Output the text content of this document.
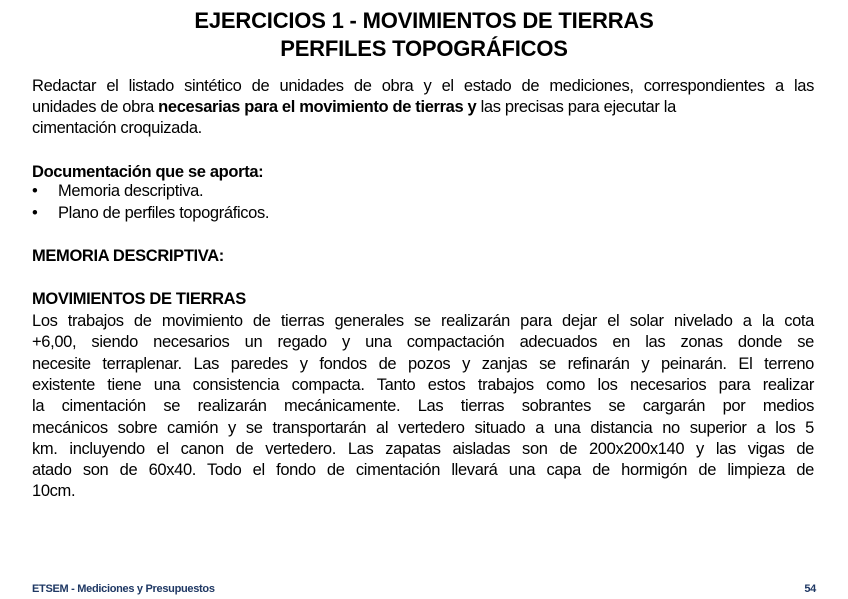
EJERCICIOS 1 - MOVIMIENTOS DE TIERRAS
PERFILES TOPOGRÁFICOS
Redactar el listado sintético de unidades de obra y el estado de mediciones, correspondientes a las
unidades de obra necesarias para el movimiento de tierras y las precisas para ejecutar la
cimentación croquizada.
Documentación que se aporta:
• Memoria descriptiva.
• Plano de perfiles topográficos.
MEMORIA DESCRIPTIVA:
MOVIMIENTOS DE TIERRAS
Los trabajos de movimiento de tierras generales se realizarán para dejar el solar nivelado a la cota
+6,00, siendo necesarios un regado y una compactación adecuados en las zonas donde se
necesite terraplenar. Las paredes y fondos de pozos y zanjas se refinarán y peinarán. El terreno
existente tiene una consistencia compacta. Tanto estos trabajos como los necesarios para realizar
la cimentación se realizarán mecánicamente. Las tierras sobrantes se cargarán por medios
mecánicos sobre camión y se transportarán al vertedero situado a una distancia no superior a los 5
km. incluyendo el canon de vertedero. Las zapatas aisladas son de 200x200x140 y las vigas de
atado son de 60x40. Todo el fondo de cimentación llevará una capa de hormigón de limpieza de
10cm.
ETSEM - Mediciones y Presupuestos	54
